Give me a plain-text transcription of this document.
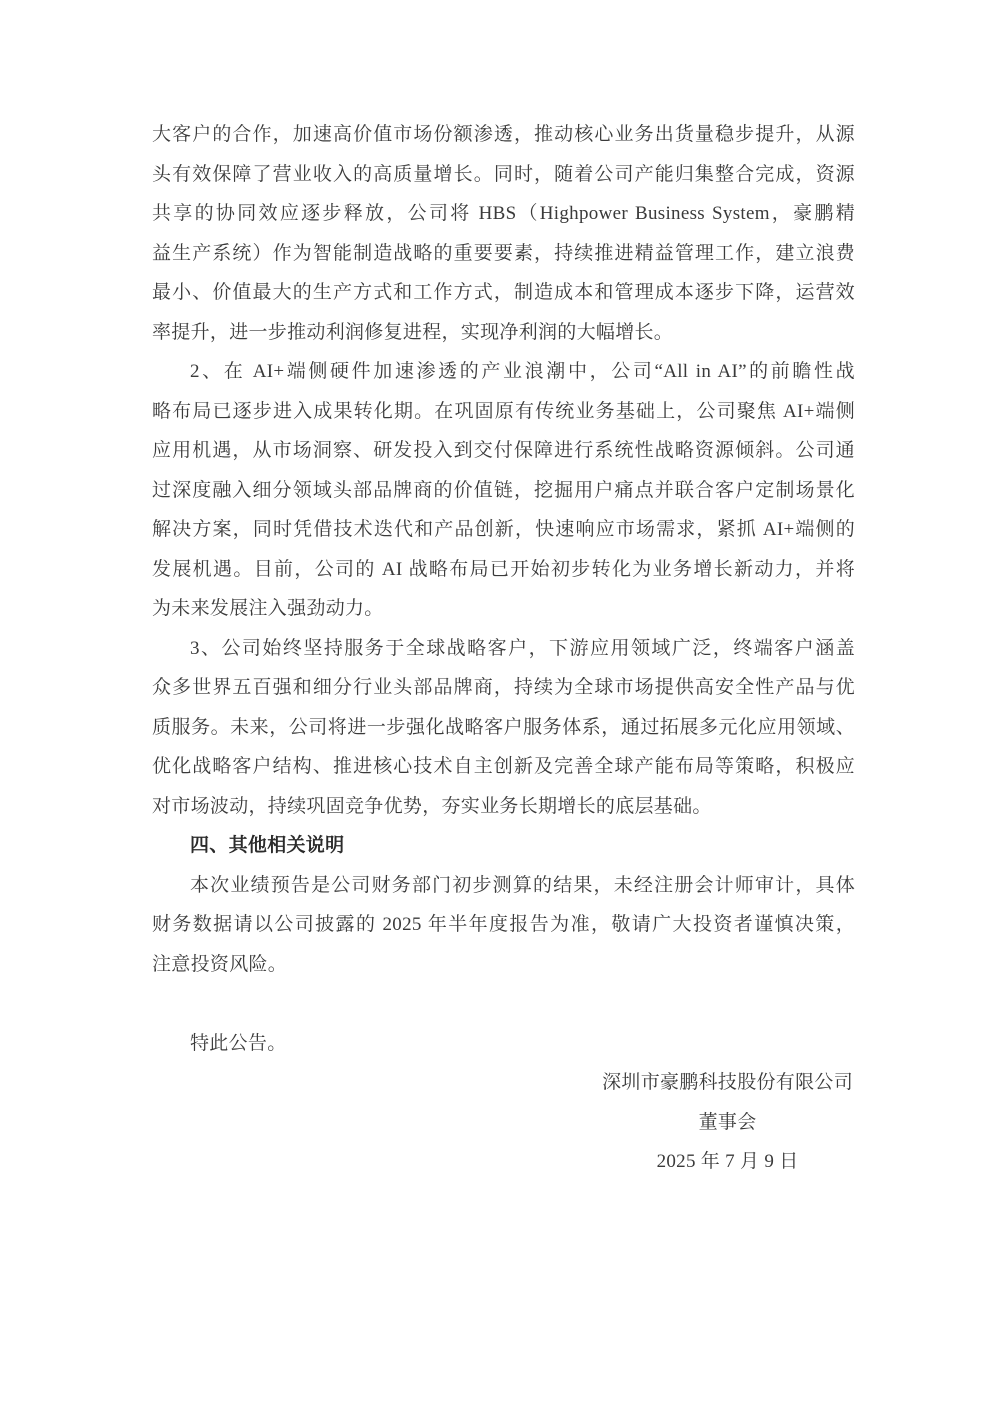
大客户的合作，加速高价值市场份额渗透，推动核心业务出货量稳步提升，从源
头有效保障了营业收入的高质量增长。同时，随着公司产能归集整合完成，资源
共享的协同效应逐步释放，公司将 HBS（Highpower Business System，豪鹏精
益生产系统）作为智能制造战略的重要要素，持续推进精益管理工作，建立浪费
最小、价值最大的生产方式和工作方式，制造成本和管理成本逐步下降，运营效
率提升，进一步推动利润修复进程，实现净利润的大幅增长。
2、在 AI+端侧硬件加速渗透的产业浪潮中，公司“All in AI”的前瞻性战
略布局已逐步进入成果转化期。在巩固原有传统业务基础上，公司聚焦 AI+端侧
应用机遇，从市场洞察、研发投入到交付保障进行系统性战略资源倾斜。公司通
过深度融入细分领域头部品牌商的价值链，挖掘用户痛点并联合客户定制场景化
解决方案，同时凭借技术迭代和产品创新，快速响应市场需求，紧抓 AI+端侧的
发展机遇。目前，公司的 AI 战略布局已开始初步转化为业务增长新动力，并将
为未来发展注入强劲动力。
3、公司始终坚持服务于全球战略客户，下游应用领域广泛，终端客户涵盖
众多世界五百强和细分行业头部品牌商，持续为全球市场提供高安全性产品与优
质服务。未来，公司将进一步强化战略客户服务体系，通过拓展多元化应用领域、
优化战略客户结构、推进核心技术自主创新及完善全球产能布局等策略，积极应
对市场波动，持续巩固竞争优势，夯实业务长期增长的底层基础。
四、其他相关说明
本次业绩预告是公司财务部门初步测算的结果，未经注册会计师审计，具体
财务数据请以公司披露的 2025 年半年度报告为准，敬请广大投资者谨慎决策，
注意投资风险。
特此公告。
深圳市豪鹏科技股份有限公司
董事会
2025 年 7 月 9 日
